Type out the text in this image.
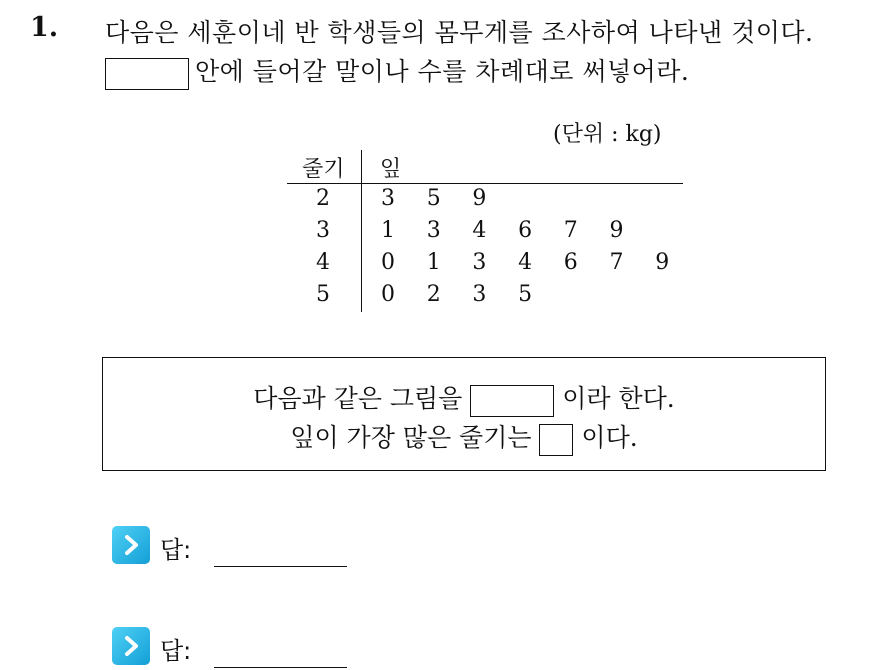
1. 다음은 세훈이네 반 학생들의 몸무게를 조사하여 나타낸 것이다.
안에 들어갈 말이나 수를 차례대로 써넣어라.
(단위 : kg)
줄기 잎
2	3	5	9
3	1	3	4	6	7	9
4	0	1	3	4	6	7	9
5	0	2	3	5
다음과 같은 그림을	이라 한다.
잎이 가장 많은 줄기는 이다.
답:
답:
